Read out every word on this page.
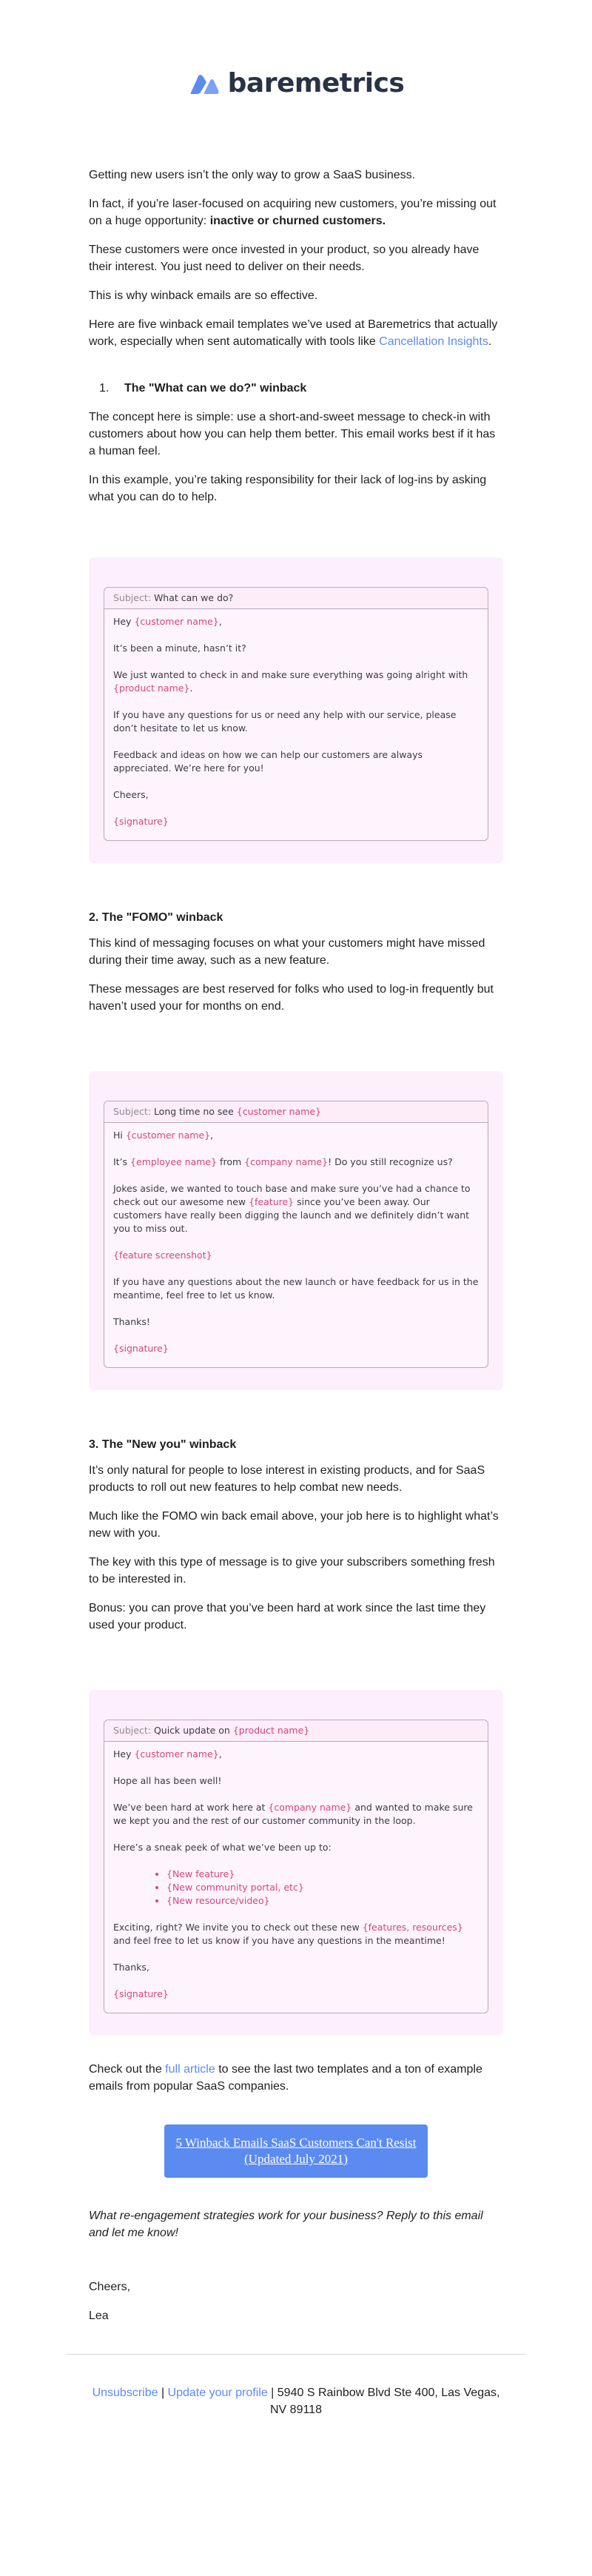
baremetrics

Getting new users isn’t the only way to grow a SaaS business.

In fact, if you’re laser-focused on acquiring new customers, you’re missing out on a huge opportunity: inactive or churned customers.

These customers were once invested in your product, so you already have their interest. You just need to deliver on their needs.

This is why winback emails are so effective.

Here are five winback email templates we’ve used at Baremetrics that actually work, especially when sent automatically with tools like Cancellation Insights.

1.	The "What can we do?" winback

The concept here is simple: use a short-and-sweet message to check-in with customers about how you can help them better. This email works best if it has a human feel.

In this example, you’re taking responsibility for their lack of log-ins by asking what you can do to help.

Subject: What can we do?

Hey {customer name},

It’s been a minute, hasn’t it?

We just wanted to check in and make sure everything was going alright with {product name}.

If you have any questions for us or need any help with our service, please don’t hesitate to let us know.

Feedback and ideas on how we can help our customers are always appreciated. We’re here for you!

Cheers,

{signature}

2. The "FOMO" winback

This kind of messaging focuses on what your customers might have missed during their time away, such as a new feature.

These messages are best reserved for folks who used to log-in frequently but haven’t used your for months on end.

Subject: Long time no see {customer name}

Hi {customer name},

It’s {employee name} from {company name}! Do you still recognize us?

Jokes aside, we wanted to touch base and make sure you’ve had a chance to check out our awesome new {feature} since you’ve been away. Our customers have really been digging the launch and we definitely didn’t want you to miss out.

{feature screenshot}

If you have any questions about the new launch or have feedback for us in the meantime, feel free to let us know.

Thanks!

{signature}

3. The "New you" winback

It’s only natural for people to lose interest in existing products, and for SaaS products to roll out new features to help combat new needs.

Much like the FOMO win back email above, your job here is to highlight what’s new with you.

The key with this type of message is to give your subscribers something fresh to be interested in.

Bonus: you can prove that you’ve been hard at work since the last time they used your product.

Subject: Quick update on {product name}

Hey {customer name},

Hope all has been well!

We’ve been hard at work here at {company name} and wanted to make sure we kept you and the rest of our customer community in the loop.

Here’s a sneak peek of what we’ve been up to:

• {New feature}
• {New community portal, etc}
• {New resource/video}

Exciting, right? We invite you to check out these new {features, resources} and feel free to let us know if you have any questions in the meantime!

Thanks,

{signature}

Check out the full article to see the last two templates and a ton of example emails from popular SaaS companies.

5 Winback Emails SaaS Customers Can't Resist (Updated July 2021)

What re-engagement strategies work for your business? Reply to this email and let me know!

Cheers,

Lea

Unsubscribe | Update your profile | 5940 S Rainbow Blvd Ste 400, Las Vegas, NV 89118
